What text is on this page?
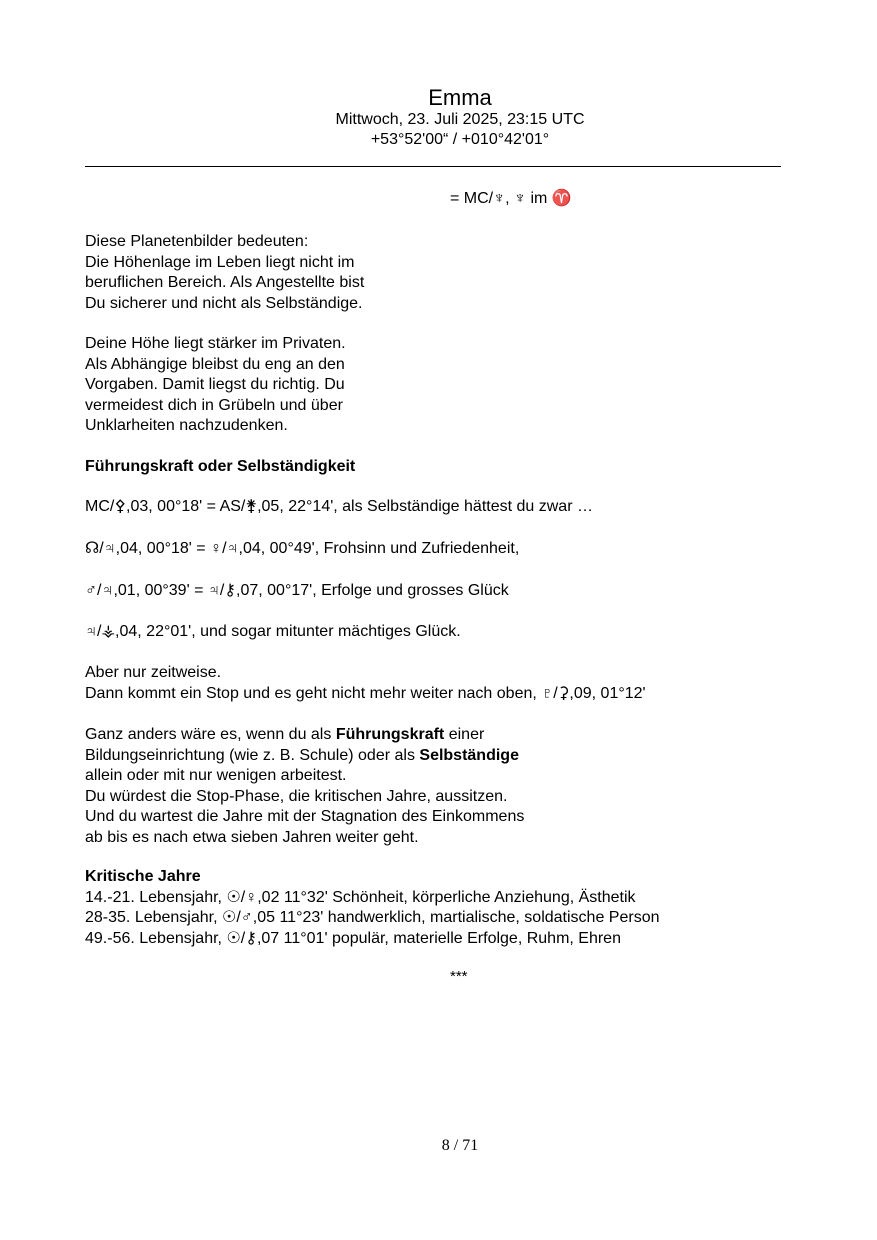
Emma
Mittwoch, 23. Juli 2025, 23:15 UTC
+53°52'00“ / +010°42'01°
= MC/♆, ♆ im ♈
Diese Planetenbilder bedeuten:
Die Höhenlage im Leben liegt nicht im
beruflichen Bereich. Als Angestellte bist
Du sicherer und nicht als Selbständige.
Deine Höhe liegt stärker im Privaten.
Als Abhängige bleibst du eng an den
Vorgaben. Damit liegst du richtig. Du
vermeidest dich in Grübeln und über
Unklarheiten nachzudenken.
Führungskraft oder Selbständigkeit
MC/⚴,03, 00°18' = AS/⚵,05, 22°14', als Selbständige hättest du zwar …
☊/♃,04, 00°18' = ♀/♃,04, 00°49', Frohsinn und Zufriedenheit,
♂/♃,01, 00°39' = ♃/⚷,07, 00°17', Erfolge und grosses Glück
♃/⚶,04, 22°01', und sogar mitunter mächtiges Glück.
Aber nur zeitweise.
Dann kommt ein Stop und es geht nicht mehr weiter nach oben, ♇/⚳,09, 01°12'
Ganz anders wäre es, wenn du als Führungskraft einer
Bildungseinrichtung (wie z. B. Schule) oder als Selbständige
allein oder mit nur wenigen arbeitest.
Du würdest die Stop-Phase, die kritischen Jahre, aussitzen.
Und du wartest die Jahre mit der Stagnation des Einkommens
ab bis es nach etwa sieben Jahren weiter geht.
Kritische Jahre
14.-21. Lebensjahr, ☉/♀,02 11°32' Schönheit, körperliche Anziehung, Ästhetik
28-35. Lebensjahr, ☉/♂,05 11°23' handwerklich, martialische, soldatische Person
49.-56. Lebensjahr, ☉/⚷,07 11°01' populär, materielle Erfolge, Ruhm, Ehren
***
8 / 71
